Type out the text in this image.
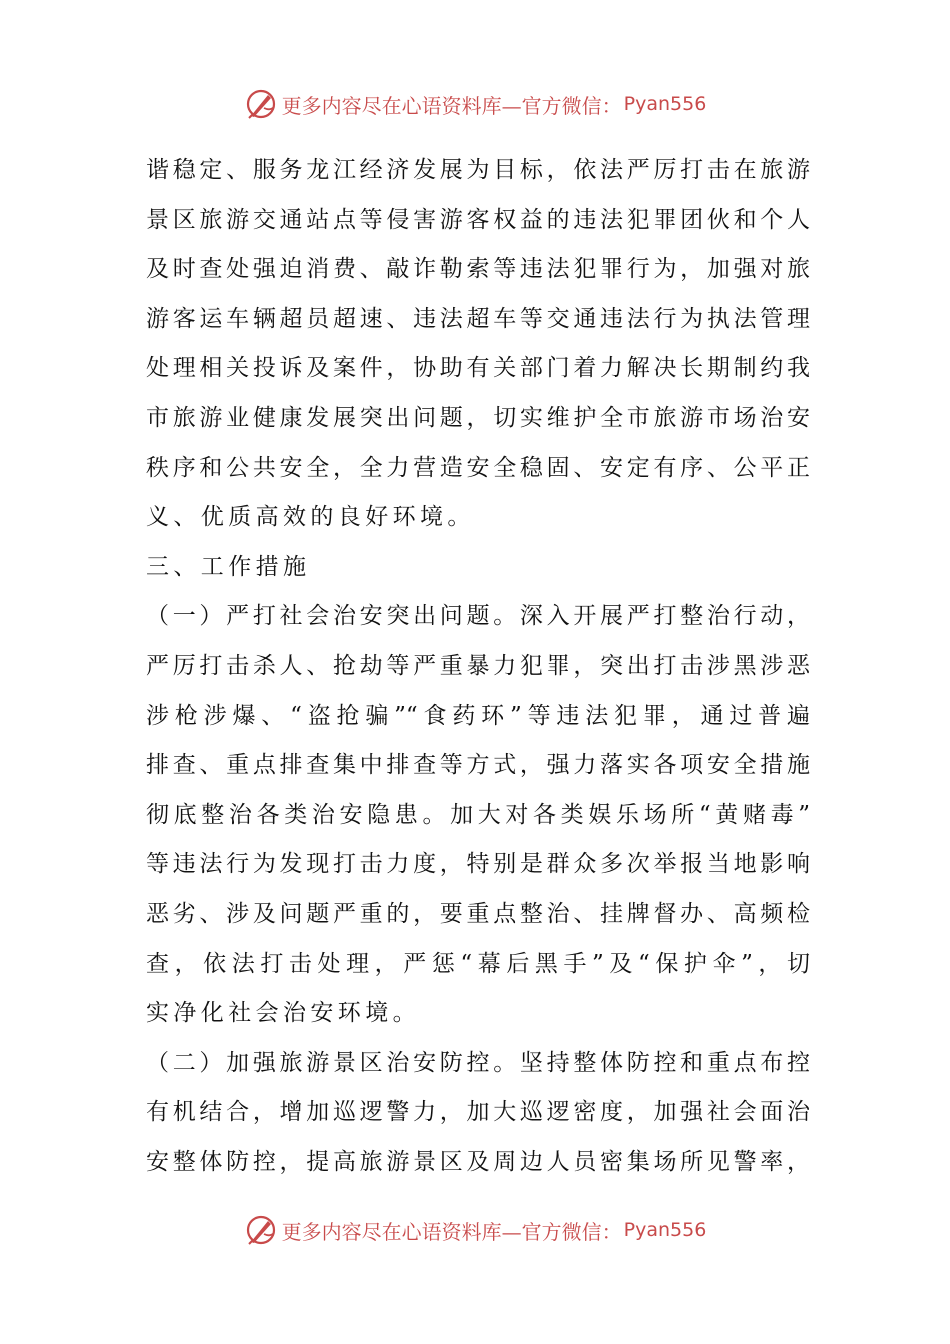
更多内容尽在心语资料库—官方微信： Pyan556
谐稳定、服务龙江经济发展为目标，依法严厉打击在旅游
景区旅游交通站点等侵害游客权益的违法犯罪团伙和个人
及时查处强迫消费、敲诈勒索等违法犯罪行为，加强对旅
游客运车辆超员超速、违法超车等交通违法行为执法管理
处理相关投诉及案件，协助有关部门着力解决长期制约我
市旅游业健康发展突出问题，切实维护全市旅游市场治安
秩序和公共安全，全力营造安全稳固、安定有序、公平正
义、优质高效的良好环境。
三、工作措施
（一）严打社会治安突出问题。深入开展严打整治行动，
严厉打击杀人、抢劫等严重暴力犯罪，突出打击涉黑涉恶
涉枪涉爆、“盗抢骗”“食药环”等违法犯罪，通过普遍
排查、重点排查集中排查等方式，强力落实各项安全措施
彻底整治各类治安隐患。加大对各类娱乐场所“黄赌毒”
等违法行为发现打击力度，特别是群众多次举报当地影响
恶劣、涉及问题严重的，要重点整治、挂牌督办、高频检
查，依法打击处理，严惩“幕后黑手”及“保护伞”，切
实净化社会治安环境。
（二）加强旅游景区治安防控。坚持整体防控和重点布控
有机结合，增加巡逻警力，加大巡逻密度，加强社会面治
安整体防控，提高旅游景区及周边人员密集场所见警率，
更多内容尽在心语资料库—官方微信： Pyan556
